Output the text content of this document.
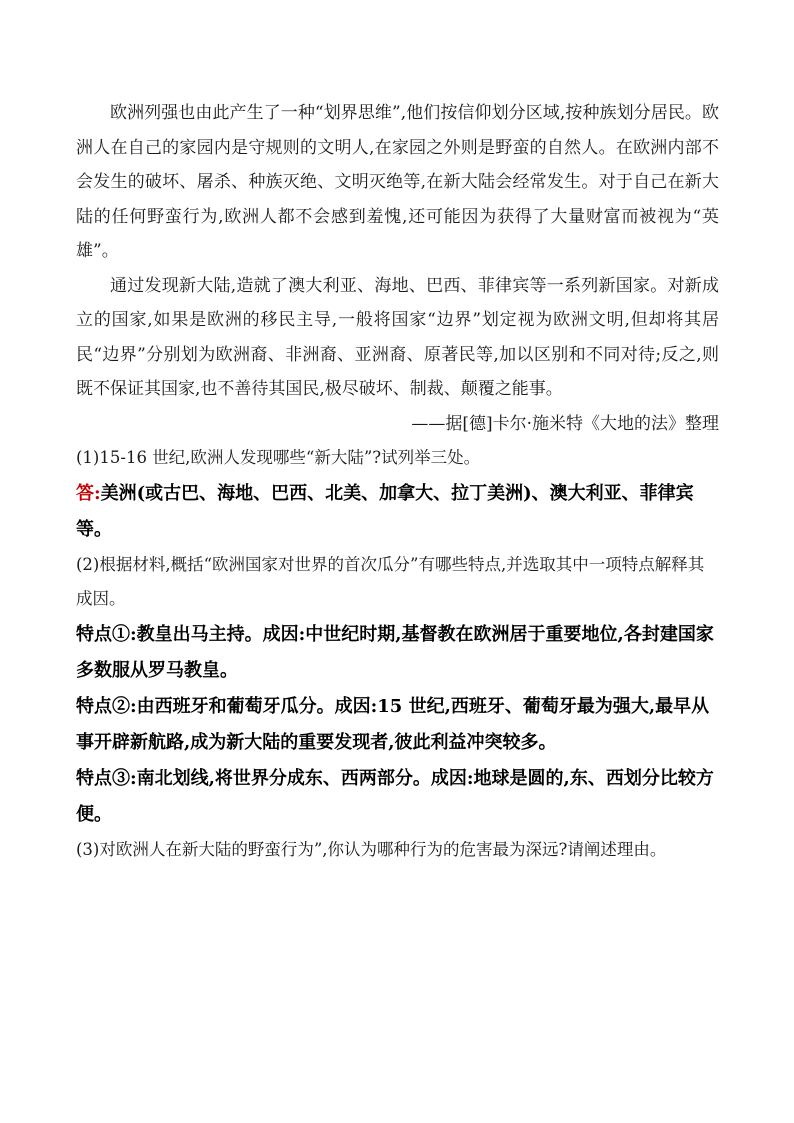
欧洲列强也由此产生了一种“划界思维”,他们按信仰划分区域,按种族划分居民。欧洲人在自己的家园内是守规则的文明人,在家园之外则是野蛮的自然人。在欧洲内部不会发生的破坏、屠杀、种族灭绝、文明灭绝等,在新大陆会经常发生。对于自己在新大陆的任何野蛮行为,欧洲人都不会感到羞愧,还可能因为获得了大量财富而被视为“英雄”。

通过发现新大陆,造就了澳大利亚、海地、巴西、菲律宾等一系列新国家。对新成立的国家,如果是欧洲的移民主导,一般将国家“边界”划定视为欧洲文明,但却将其居民“边界”分别划为欧洲裔、非洲裔、亚洲裔、原著民等,加以区别和不同对待;反之,则既不保证其国家,也不善待其国民,极尽破坏、制裁、颠覆之能事。

——据[德]卡尔·施米特《大地的法》整理

(1)15-16 世纪,欧洲人发现哪些“新大陆”?试列举三处。

答:美洲(或古巴、海地、巴西、北美、加拿大、拉丁美洲)、澳大利亚、菲律宾等。

(2)根据材料,概括“欧洲国家对世界的首次瓜分”有哪些特点,并选取其中一项特点解释其成因。

特点①:教皇出马主持。成因:中世纪时期,基督教在欧洲居于重要地位,各封建国家多数服从罗马教皇。

特点②:由西班牙和葡萄牙瓜分。成因:15 世纪,西班牙、葡萄牙最为强大,最早从事开辟新航路,成为新大陆的重要发现者,彼此利益冲突较多。

特点③:南北划线,将世界分成东、西两部分。成因:地球是圆的,东、西划分比较方便。

(3)对欧洲人在新大陆的野蛮行为”,你认为哪种行为的危害最为深远?请阐述理由。
